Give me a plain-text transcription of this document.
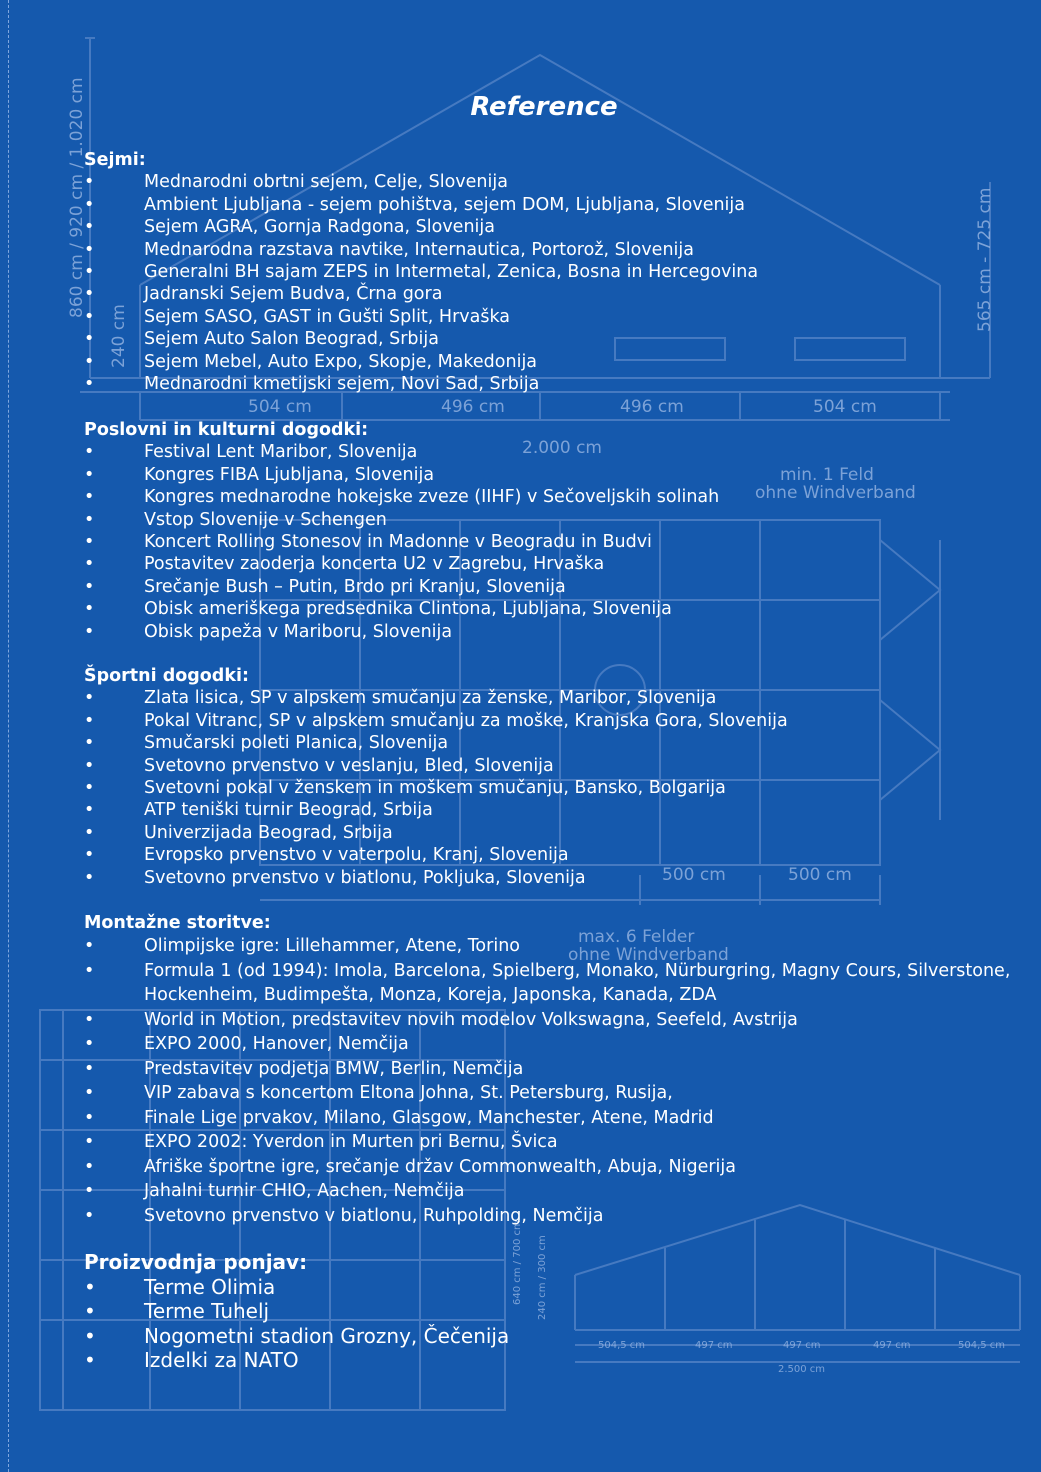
860 cm / 920 cm / 1.020 cm
240 cm
565 cm - 725 cm
504 cm	496 cm	496 cm	504 cm
2.000 cm
min. 1 Feld
ohne Windverband
500 cm	500 cm
max. 6 Felder
ohne Windverband
640 cm / 700 cm 240 cm / 300 cm
504,5 cm	497 cm	497 cm	497 cm	504,5 cm
2.500 cm
Reference
Sejmi:
•	Mednarodni obrtni sejem, Celje, Slovenija
•	Ambient Ljubljana - sejem pohištva, sejem DOM, Ljubljana, Slovenija
•	Sejem AGRA, Gornja Radgona, Slovenija
•	Mednarodna razstava navtike, Internautica, Portorož, Slovenija
•	Generalni BH sajam ZEPS in Intermetal, Zenica, Bosna in Hercegovina
•	Jadranski Sejem Budva, Črna gora
•	Sejem SASO, GAST in Gušti Split, Hrvaška
•	Sejem Auto Salon Beograd, Srbija
•	Sejem Mebel, Auto Expo, Skopje, Makedonija
•	Mednarodni kmetijski sejem, Novi Sad, Srbija
Poslovni in kulturni dogodki:
•	Festival Lent Maribor, Slovenija
•	Kongres FIBA Ljubljana, Slovenija
•	Kongres mednarodne hokejske zveze (IIHF) v Sečoveljskih solinah
•	Vstop Slovenije v Schengen
•	Koncert Rolling Stonesov in Madonne v Beogradu in Budvi
•	Postavitev zaoderja koncerta U2 v Zagrebu, Hrvaška
•	Srečanje Bush – Putin, Brdo pri Kranju, Slovenija
•	Obisk ameriškega predsednika Clintona, Ljubljana, Slovenija
•	Obisk papeža v Mariboru, Slovenija
Športni dogodki:
•	Zlata lisica, SP v alpskem smučanju za ženske, Maribor, Slovenija
•	Pokal Vitranc, SP v alpskem smučanju za moške, Kranjska Gora, Slovenija
•	Smučarski poleti Planica, Slovenija
•	Svetovno prvenstvo v veslanju, Bled, Slovenija
•	Svetovni pokal v ženskem in moškem smučanju, Bansko, Bolgarija
•	ATP teniški turnir Beograd, Srbija
•	Univerzijada Beograd, Srbija
•	Evropsko prvenstvo v vaterpolu, Kranj, Slovenija
•	Svetovno prvenstvo v biatlonu, Pokljuka, Slovenija
Montažne storitve:
•	Olimpijske igre: Lillehammer, Atene, Torino
•	Formula 1 (od 1994): Imola, Barcelona, Spielberg, Monako, Nürburgring, Magny Cours, Silverstone, Hockenheim, Budimpešta, Monza, Koreja, Japonska, Kanada, ZDA
•	World in Motion, predstavitev novih modelov Volkswagna, Seefeld, Avstrija
•	EXPO 2000, Hanover, Nemčija
•	Predstavitev podjetja BMW, Berlin, Nemčija
•	VIP zabava s koncertom Eltona Johna, St. Petersburg, Rusija,
•	Finale Lige prvakov, Milano, Glasgow, Manchester, Atene, Madrid
•	EXPO 2002: Yverdon in Murten pri Bernu, Švica
•	Afriške športne igre, srečanje držav Commonwealth, Abuja, Nigerija
•	Jahalni turnir CHIO, Aachen, Nemčija
•	Svetovno prvenstvo v biatlonu, Ruhpolding, Nemčija
Proizvodnja ponjav:
• Terme Olimia
• Terme Tuhelj
• Nogometni stadion Grozny, Čečenija
• Izdelki za NATO
